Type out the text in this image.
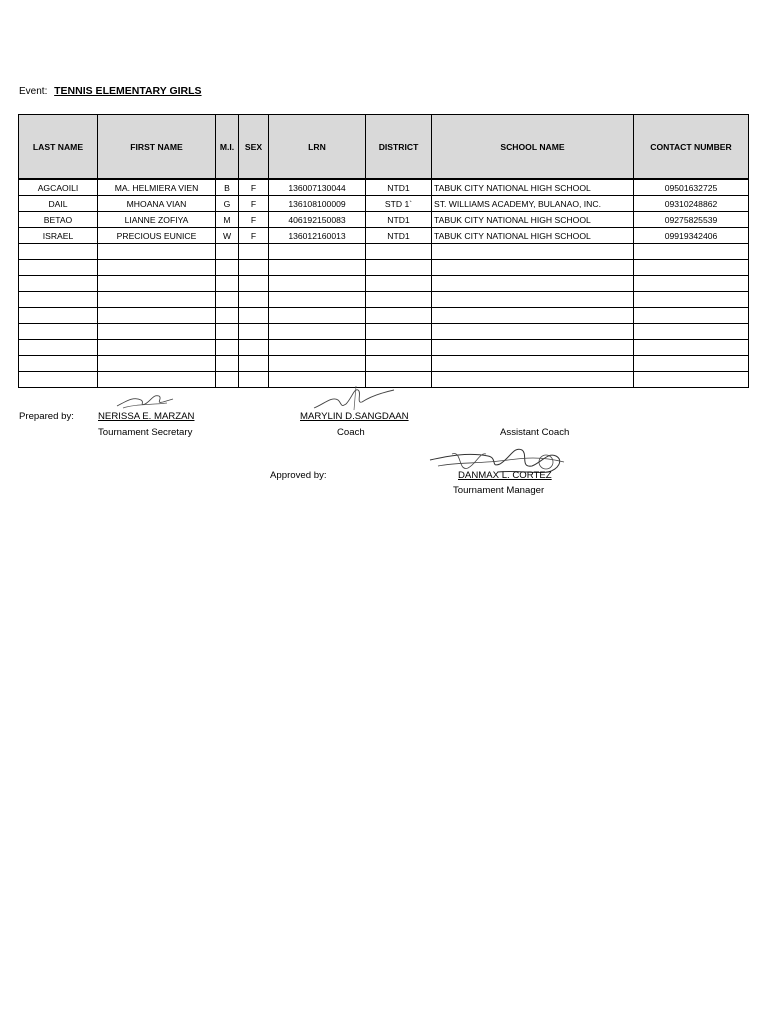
Event: TENNIS ELEMENTARY GIRLS
LAST NAME	FIRST NAME	M.I.	SEX	LRN	DISTRICT	SCHOOL NAME	CONTACT NUMBER
AGCAOILI	MA. HELMIERA VIEN	B	F	136007130044	NTD1	TABUK CITY NATIONAL HIGH SCHOOL	09501632725
DAIL	MHOANA VIAN	G	F	136108100009	STD 1`	ST. WILLIAMS ACADEMY, BULANAO, INC.	09310248862
BETAO	LIANNE ZOFIYA	M	F	406192150083	NTD1	TABUK CITY NATIONAL HIGH SCHOOL	09275825539
ISRAEL	PRECIOUS EUNICE	W	F	136012160013	NTD1	TABUK CITY NATIONAL HIGH SCHOOL	09919342406

Prepared by:	NERISSA E. MARZAN
Tournament Secretary
MARYLIN D.SANGDAAN
Coach	Assistant Coach
Approved by:	DANMAX L. CORTEZ
Tournament Manager
